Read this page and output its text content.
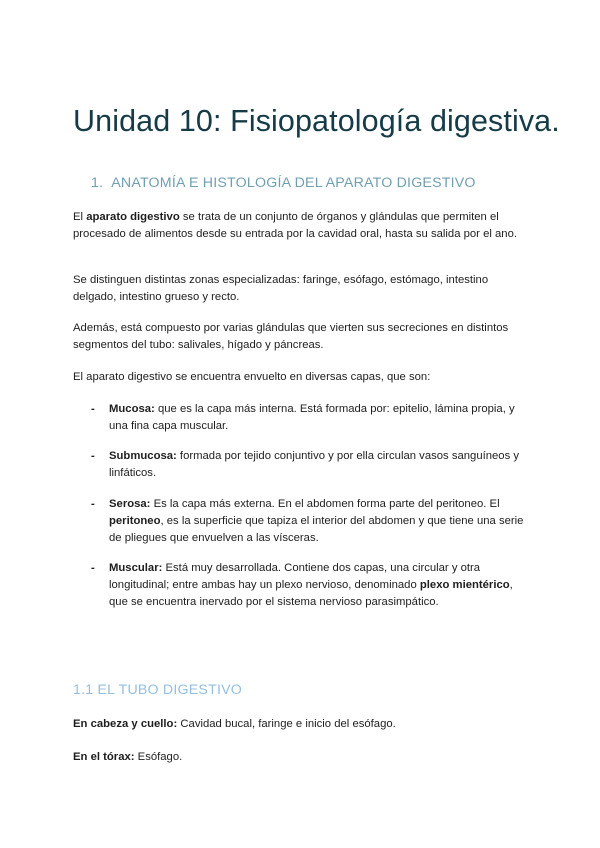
Unidad 10: Fisiopatología digestiva.
1. ANATOMÍA E HISTOLOGÍA DEL APARATO DIGESTIVO
El aparato digestivo se trata de un conjunto de órganos y glándulas que permiten el procesado de alimentos desde su entrada por la cavidad oral, hasta su salida por el ano.
Se distinguen distintas zonas especializadas: faringe, esófago, estómago, intestino delgado, intestino grueso y recto.
Además, está compuesto por varias glándulas que vierten sus secreciones en distintos segmentos del tubo: salivales, hígado y páncreas.
El aparato digestivo se encuentra envuelto en diversas capas, que son:
- Mucosa: que es la capa más interna. Está formada por: epitelio, lámina propia, y una fina capa muscular.
- Submucosa: formada por tejido conjuntivo y por ella circulan vasos sanguíneos y linfáticos.
- Serosa: Es la capa más externa. En el abdomen forma parte del peritoneo. El peritoneo, es la superficie que tapiza el interior del abdomen y que tiene una serie de pliegues que envuelven a las vísceras.
- Muscular: Está muy desarrollada. Contiene dos capas, una circular y otra longitudinal; entre ambas hay un plexo nervioso, denominado plexo mientérico, que se encuentra inervado por el sistema nervioso parasimpático.
1.1 EL TUBO DIGESTIVO
En cabeza y cuello: Cavidad bucal, faringe e inicio del esófago.
En el tórax: Esófago.
